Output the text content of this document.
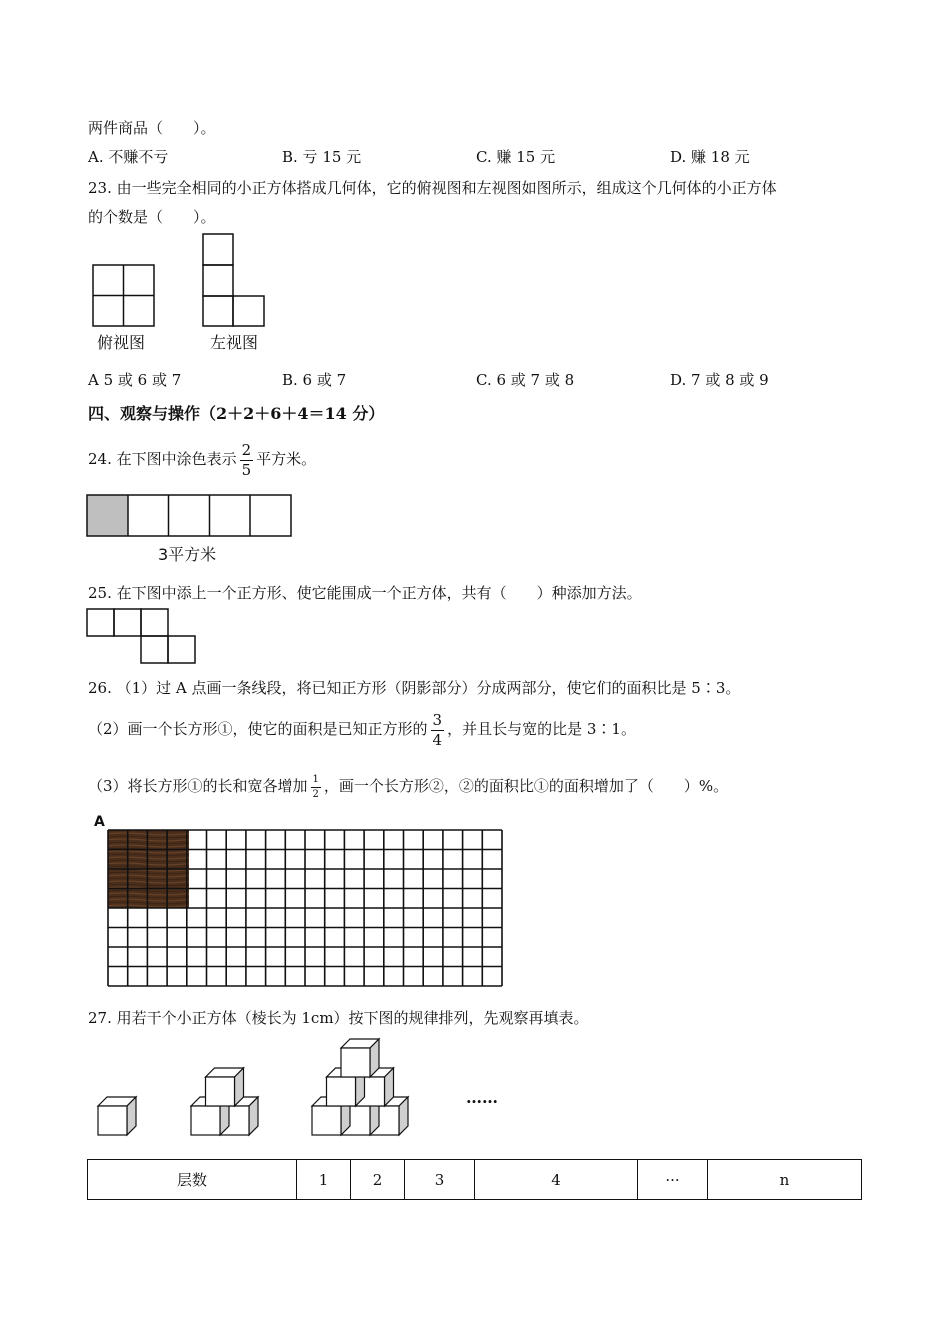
两件商品（　　）。
A. 不赚不亏	B. 亏 15 元	C. 赚 15 元	D. 赚 18 元
23. 由一些完全相同的小正方体搭成几何体，它的俯视图和左视图如图所示，组成这个几何体的小正方体
的个数是（　　）。
俯视图	左视图
A 5 或 6 或 7	B. 6 或 7	C. 6 或 7 或 8	D. 7 或 8 或 9
四、观察与操作（2＋2＋6＋4＝14 分）
24. 在下图中涂色表示 $\frac{2}{5}$ 平方米。
3平方米
25. 在下图中添上一个正方形、使它能围成一个正方体，共有（　　）种添加方法。
26. （1）过 A 点画一条线段，将已知正方形（阴影部分）分成两部分，使它们的面积比是 5∶3。
（2）画一个长方形①，使它的面积是已知正方形的 $\frac{3}{4}$ ，并且长与宽的比是 3∶1。
（3）将长方形①的长和宽各增加 $\frac{1}{2}$ ，画一个长方形②，②的面积比①的面积增加了（　　）%。
A
27. 用若干个小正方体（棱长为 1cm）按下图的规律排列，先观察再填表。
……
层数	1	2	3	4	···	n
